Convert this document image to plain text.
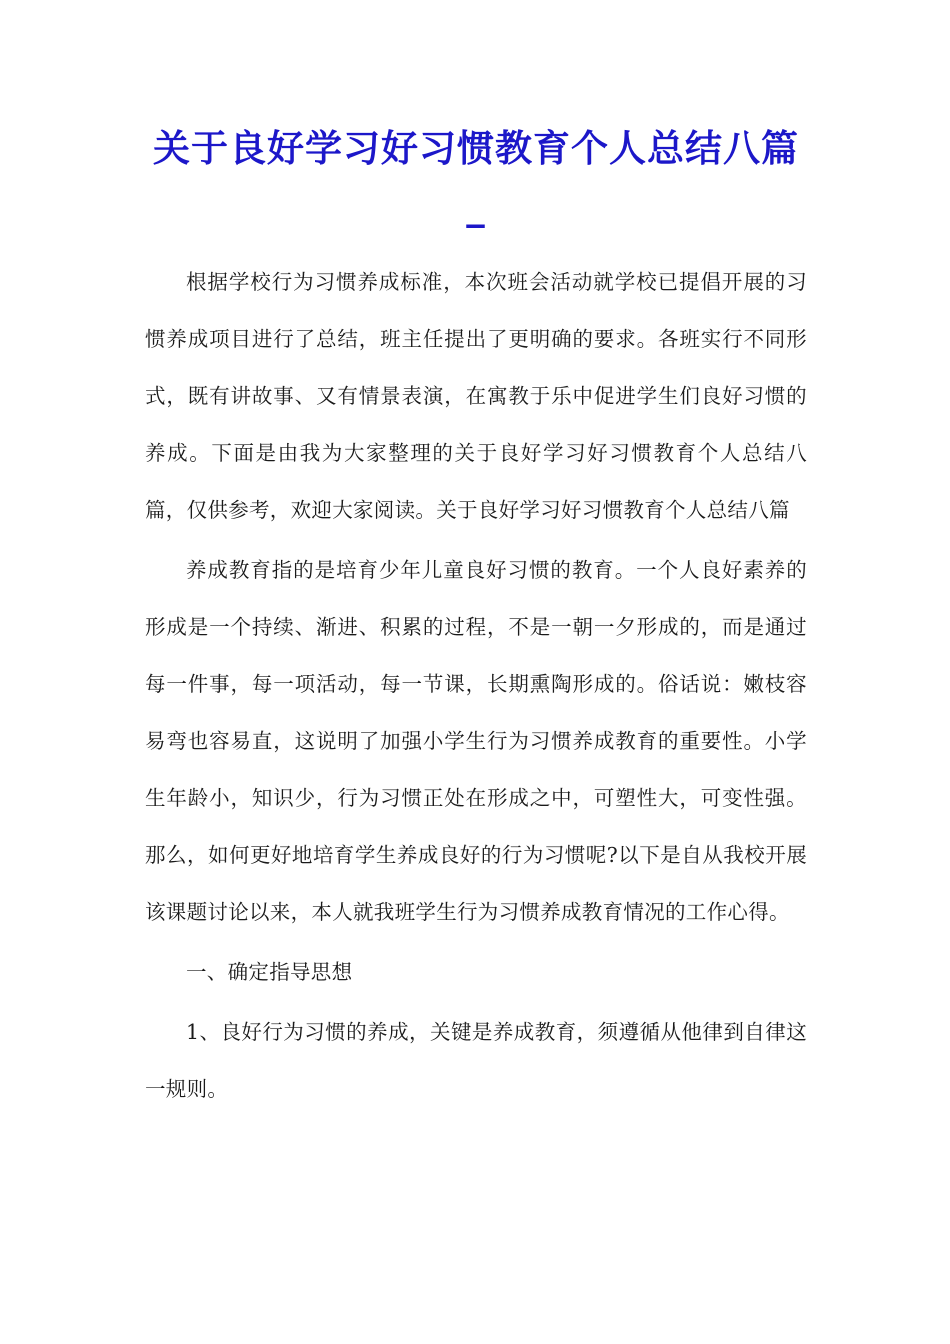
关于良好学习好习惯教育个人总结八篇_

根据学校行为习惯养成标准，本次班会活动就学校已提倡开展的习惯养成项目进行了总结，班主任提出了更明确的要求。各班实行不同形式，既有讲故事、又有情景表演，在寓教于乐中促进学生们良好习惯的养成。下面是由我为大家整理的关于良好学习好习惯教育个人总结八篇，仅供参考，欢迎大家阅读。关于良好学习好习惯教育个人总结八篇

养成教育指的是培育少年儿童良好习惯的教育。一个人良好素养的形成是一个持续、渐进、积累的过程，不是一朝一夕形成的，而是通过每一件事，每一项活动，每一节课，长期熏陶形成的。俗话说：嫩枝容易弯也容易直，这说明了加强小学生行为习惯养成教育的重要性。小学生年龄小，知识少，行为习惯正处在形成之中，可塑性大，可变性强。那么，如何更好地培育学生养成良好的行为习惯呢?以下是自从我校开展该课题讨论以来，本人就我班学生行为习惯养成教育情况的工作心得。

一、确定指导思想

1、良好行为习惯的养成，关键是养成教育，须遵循从他律到自律这一规则。
